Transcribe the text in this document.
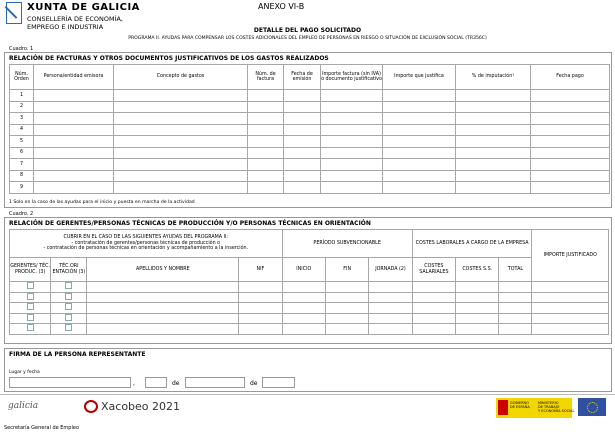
XUNTA DE GALICIA
CONSELLERÍA DE ECONOMÍA,
EMPREGO E INDUSTRIA
ANEXO VI-B
DETALLE DEL PAGO SOLICITADO
PROGRAMA II. AYUDAS PARA COMPENSAR LOS COSTES ADICIONALES DEL EMPLEO DE PERSONAS EN RIESGO O SITUACIÓN DE EXCLUSIÓN SOCIAL (TR356C)
Cuadro. 1
RELACIÓN DE FACTURAS Y OTROS DOCUMENTOS JUSTIFICATIVOS DE LOS GASTOS REALIZADOS
Núm. Orden	Persona/entidad emisora	Concepto de gastos	Núm. de factura	Fecha de emisión	Importe factura (sin IVA) o documento justificativo	Importe que justifica	% de imputación¹	Fecha pago
1								
2								
3								
4								
5								
6								
7								
8								
9								
1 Solo en la caso de las ayudas para el inicio y puesta en marcha de la actividad
Cuadro. 2
RELACIÓN DE GERENTES/PERSONAS TÉCNICAS DE PRODUCCIÓN Y/O PERSONAS TÉCNICAS EN ORIENTACIÓN
CUBRIR EN EL CASO DE LAS SIGUIENTES AYUDAS DEL PROGRAMA II:
- contratación de gerentes/personas técnicas de producción o
- contratación de personas técnicas en orientación y acompañamiento a la inserción.				PERÍODO SUBVENCIONABLE			COSTES LABORALES A CARGO DE LA EMPRESA			IMPORTE JUSTIFICADO
GERENTES/ TÉC. PRODUC. (3)	TÉC.ORI ENTACIÓN (3)	APELLIDOS Y NOMBRE	NIF	INICIO	FIN	JORNADA (2)	COSTES SALARIALES	COSTES S.S.	TOTAL	

FIRMA DE LA PERSONA REPRESENTANTE
Lugar y fecha
,	de	de
galicia	Xacobeo 2021	GOBIERNO
DE ESPAÑA
MINISTERIO
DE TRABAJO
Y ECONOMÍA SOCIAL
Secretaría General de Empleo
